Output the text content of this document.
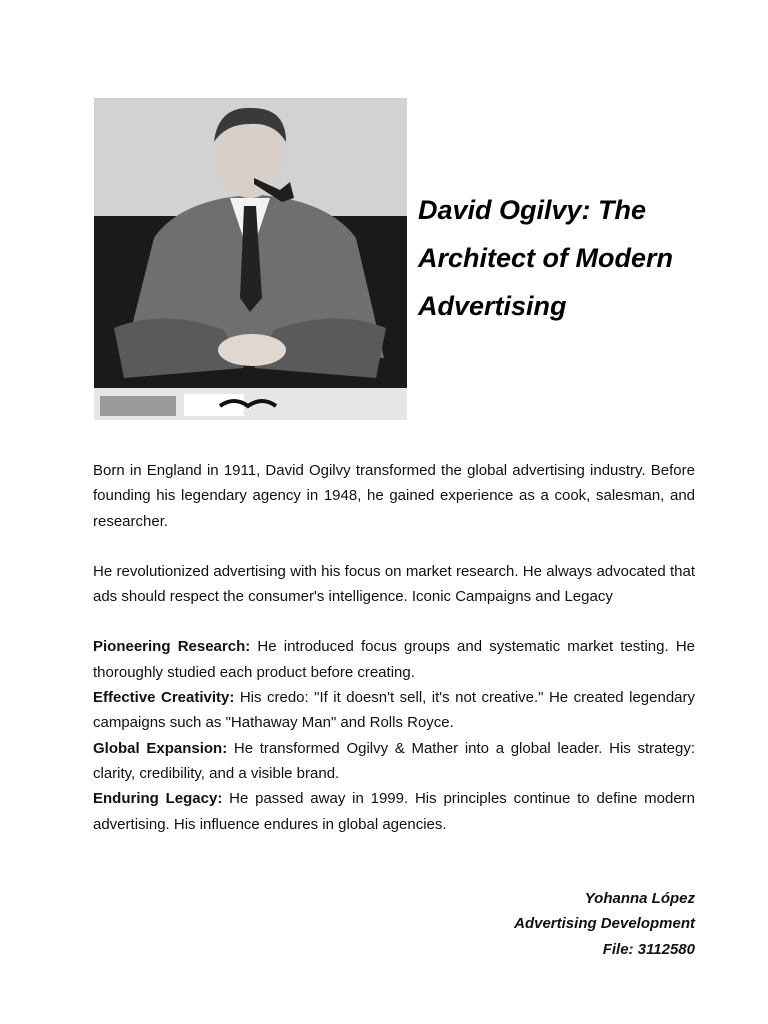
David Ogilvy: The Architect of Modern Advertising

Born in England in 1911, David Ogilvy transformed the global advertising industry. Before founding his legendary agency in 1948, he gained experience as a cook, salesman, and researcher.

He revolutionized advertising with his focus on market research. He always advocated that ads should respect the consumer's intelligence. Iconic Campaigns and Legacy

Pioneering Research: He introduced focus groups and systematic market testing. He thoroughly studied each product before creating.

Effective Creativity: His credo: "If it doesn't sell, it's not creative." He created legendary campaigns such as "Hathaway Man" and Rolls Royce.

Global Expansion: He transformed Ogilvy & Mather into a global leader. His strategy: clarity, credibility, and a visible brand.

Enduring Legacy: He passed away in 1999. His principles continue to define modern advertising. His influence endures in global agencies.

Yohanna López
Advertising Development
File: 3112580
